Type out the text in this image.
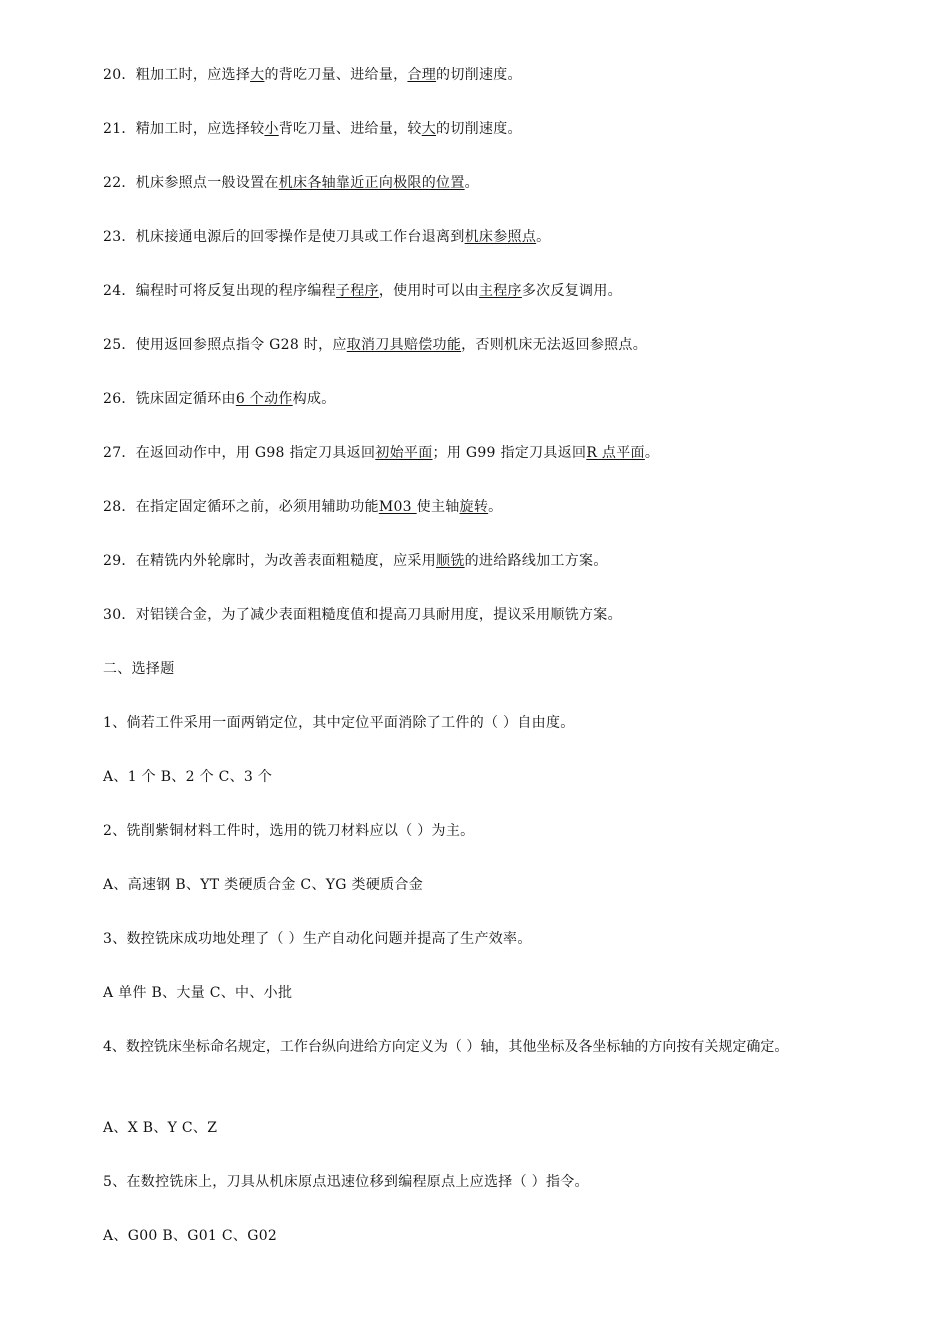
20．粗加工时，应选择大的背吃刀量、进给量，合理的切削速度。
21．精加工时，应选择较小背吃刀量、进给量，较大的切削速度。
22．机床参照点一般设置在机床各轴靠近正向极限的位置。
23．机床接通电源后的回零操作是使刀具或工作台退离到机床参照点。
24．编程时可将反复出现的程序编程子程序，使用时可以由主程序多次反复调用。
25．使用返回参照点指令 G28 时，应取消刀具赔偿功能，否则机床无法返回参照点。
26．铣床固定循环由6 个动作构成。
27．在返回动作中，用 G98 指定刀具返回初始平面；用 G99 指定刀具返回R 点平面。
28．在指定固定循环之前，必须用辅助功能M03 使主轴旋转。
29．在精铣内外轮廓时，为改善表面粗糙度，应采用顺铣的进给路线加工方案。
30．对铝镁合金，为了减少表面粗糙度值和提高刀具耐用度，提议采用顺铣方案。
二、选择题
1、倘若工件采用一面两销定位，其中定位平面消除了工件的（ ）自由度。
A、1 个 B、2 个 C、3 个
2、铣削紫铜材料工件时，选用的铣刀材料应以（ ）为主。
A、高速钢 B、YT 类硬质合金 C、YG 类硬质合金
3、数控铣床成功地处理了（ ）生产自动化问题并提高了生产效率。
A 单件 B、大量 C、中、小批
4、数控铣床坐标命名规定，工作台纵向进给方向定义为（ ）轴，其他坐标及各坐标轴的方向按有关规定确定。
A、X B、Y C、Z
5、在数控铣床上，刀具从机床原点迅速位移到编程原点上应选择（ ）指令。
A、G00 B、G01 C、G02
